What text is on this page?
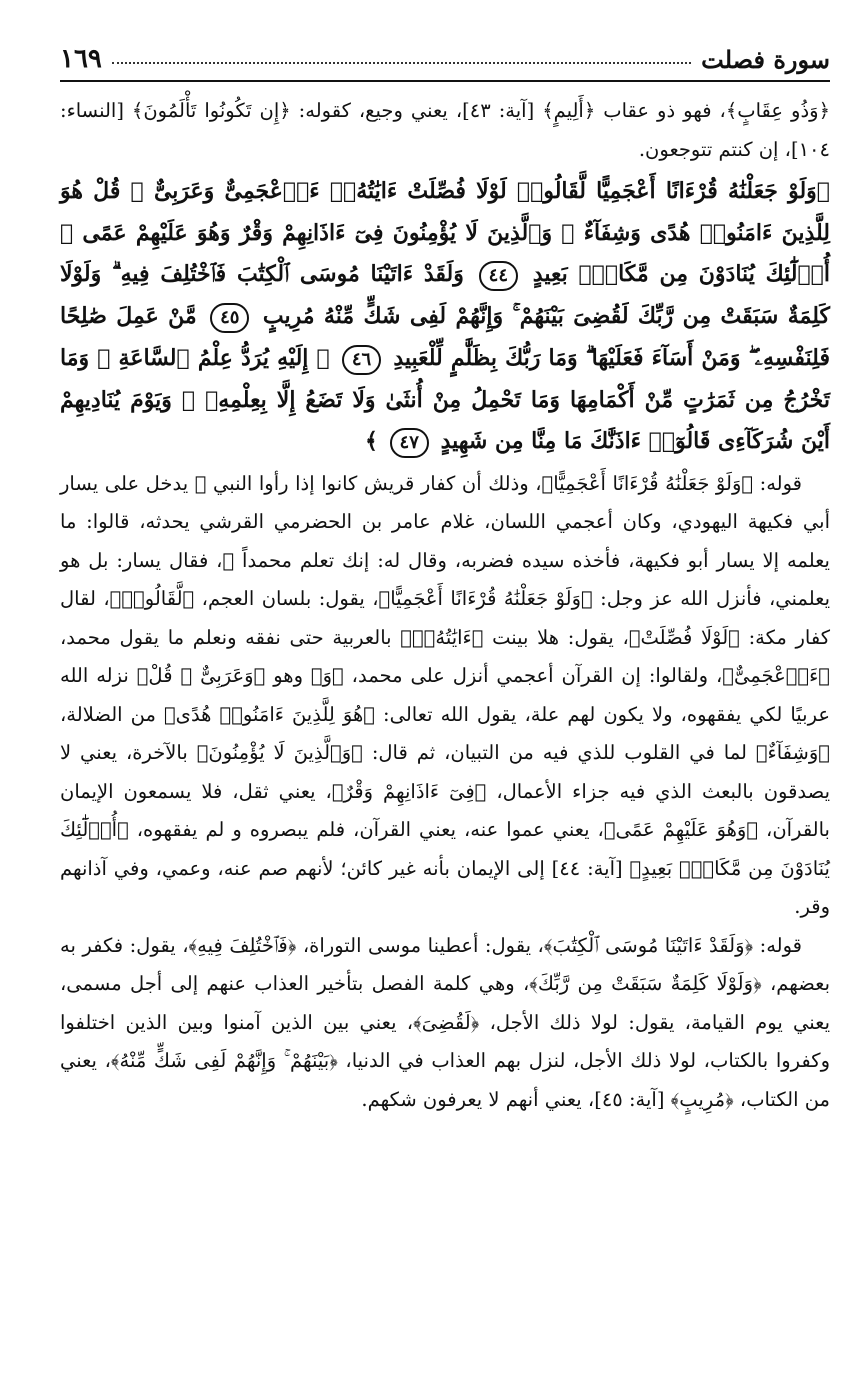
سورة فصلت
١٦٩

﴿وَذُو عِقَابٍ﴾، فهو ذو عقاب ﴿أَلِيمٍ﴾ [آية: ٤٣]، يعني وجيع، كقوله: ﴿إِن تَكُونُوا تَأْلَمُونَ﴾ [النساء: ١٠٤]، إن كنتم تتوجعون.

﴿وَلَوْ جَعَلْنَٰهُ قُرْءَانًا أَعْجَمِيًّا لَّقَالُوا۟ لَوْلَا فُصِّلَتْ ءَايَٰتُهُۥٓ ءَا۬عْجَمِىٌّ وَعَرَبِىٌّ ۗ قُلْ هُوَ لِلَّذِينَ ءَامَنُوا۟ هُدًى وَشِفَآءٌ ۖ وَٱلَّذِينَ لَا يُؤْمِنُونَ فِىٓ ءَاذَانِهِمْ وَقْرٌ وَهُوَ عَلَيْهِمْ عَمًى ۚ أُو۟لَٰٓئِكَ يُنَادَوْنَ مِن مَّكَانٍۭ بَعِيدٍ ٤٤ وَلَقَدْ ءَاتَيْنَا مُوسَى ٱلْكِتَٰبَ فَٱخْتُلِفَ فِيهِ ۗ وَلَوْلَا كَلِمَةٌ سَبَقَتْ مِن رَّبِّكَ لَقُضِىَ بَيْنَهُمْ ۚ وَإِنَّهُمْ لَفِى شَكٍّ مِّنْهُ مُرِيبٍ ٤٥ مَّنْ عَمِلَ صَٰلِحًا فَلِنَفْسِهِۦ ۖ وَمَنْ أَسَآءَ فَعَلَيْهَا ۗ وَمَا رَبُّكَ بِظَلَّٰمٍ لِّلْعَبِيدِ ٤٦ ۞ إِلَيْهِ يُرَدُّ عِلْمُ ٱلسَّاعَةِ ۚ وَمَا تَخْرُجُ مِن ثَمَرَٰتٍ مِّنْ أَكْمَامِهَا وَمَا تَحْمِلُ مِنْ أُنثَىٰ وَلَا تَضَعُ إِلَّا بِعِلْمِهِۦ ۚ وَيَوْمَ يُنَادِيهِمْ أَيْنَ شُرَكَآءِى قَالُوٓا۟ ءَاذَنَّٰكَ مَا مِنَّا مِن شَهِيدٍ ٤٧ ﴾

قوله: ﴿وَلَوْ جَعَلْنَٰهُ قُرْءَانًا أَعْجَمِيًّا﴾، وذلك أن كفار قريش كانوا إذا رأوا النبي ﷺ يدخل على يسار أبي فكيهة اليهودي، وكان أعجمي اللسان، غلام عامر بن الحضرمي القرشي يحدثه، قالوا: ما يعلمه إلا يسار أبو فكيهة، فأخذه سيده فضربه، وقال له: إنك تعلم محمداً ﷺ، فقال يسار: بل هو يعلمني، فأنزل الله عز وجل: ﴿وَلَوْ جَعَلْنَٰهُ قُرْءَانًا أَعْجَمِيًّا﴾، يقول: بلسان العجم، ﴿لَّقَالُوا۟﴾، لقال كفار مكة: ﴿لَوْلَا فُصِّلَتْ﴾، يقول: هلا بينت ﴿ءَايَٰتُهُۥٓ﴾ بالعربية حتى نفقه ونعلم ما يقول محمد، ﴿ءَا۬عْجَمِىٌّ﴾، ولقالوا: إن القرآن أعجمي أنزل على محمد، ﴿وَ﴾ وهو ﴿وَعَرَبِىٌّ ۗ قُلْ﴾ نزله الله عربيًا لكي يفقهوه، ولا يكون لهم علة، يقول الله تعالى: ﴿هُوَ لِلَّذِينَ ءَامَنُوا۟ هُدًى﴾ من الضلالة، ﴿وَشِفَآءٌ﴾ لما في القلوب للذي فيه من التبيان، ثم قال: ﴿وَٱلَّذِينَ لَا يُؤْمِنُونَ﴾ بالآخرة، يعني لا يصدقون بالبعث الذي فيه جزاء الأعمال، ﴿فِىٓ ءَاذَانِهِمْ وَقْرٌ﴾، يعني ثقل، فلا يسمعون الإيمان بالقرآن، ﴿وَهُوَ عَلَيْهِمْ عَمًى﴾، يعني عموا عنه، يعني القرآن، فلم يبصروه و لم يفقهوه، ﴿أُو۟لَٰٓئِكَ يُنَادَوْنَ مِن مَّكَانٍۭ بَعِيدٍ﴾ [آية: ٤٤] إلى الإيمان بأنه غير كائن؛ لأنهم صم عنه، وعمي، وفي آذانهم وقر.

قوله: ﴿وَلَقَدْ ءَاتَيْنَا مُوسَى ٱلْكِتَٰبَ﴾، يقول: أعطينا موسى التوراة، ﴿فَٱخْتُلِفَ فِيهِ﴾، يقول: فكفر به بعضهم، ﴿وَلَوْلَا كَلِمَةٌ سَبَقَتْ مِن رَّبِّكَ﴾، وهي كلمة الفصل بتأخير العذاب عنهم إلى أجل مسمى، يعني يوم القيامة، يقول: لولا ذلك الأجل، ﴿لَقُضِىَ﴾، يعني بين الذين آمنوا وبين الذين اختلفوا وكفروا بالكتاب، لولا ذلك الأجل، لنزل بهم العذاب في الدنيا، ﴿بَيْنَهُمْ ۚ وَإِنَّهُمْ لَفِى شَكٍّ مِّنْهُ﴾، يعني من الكتاب، ﴿مُرِيبٍ﴾ [آية: ٤٥]، يعني أنهم لا يعرفون شكهم.
